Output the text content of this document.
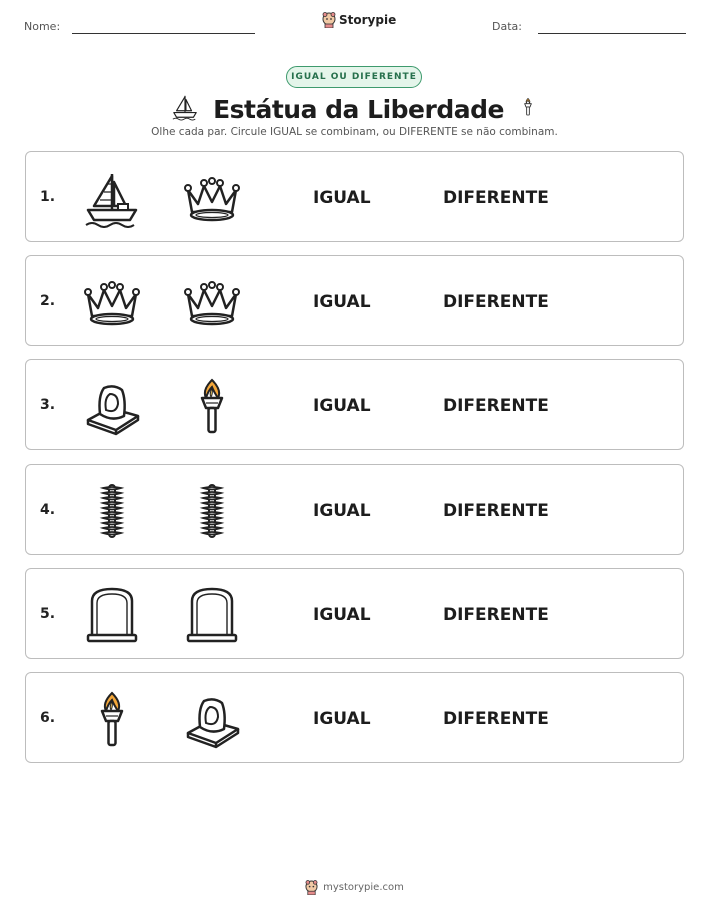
Nome:	Storypie	Data:
IGUAL OU DIFERENTE
Estátua da Liberdade
Olhe cada par. Circule IGUAL se combinam, ou DIFERENTE se não combinam.
1.	IGUAL	DIFERENTE
2.	IGUAL	DIFERENTE
3.	IGUAL	DIFERENTE
4.	IGUAL	DIFERENTE
5.	IGUAL	DIFERENTE
6.	IGUAL	DIFERENTE
mystorypie.com
